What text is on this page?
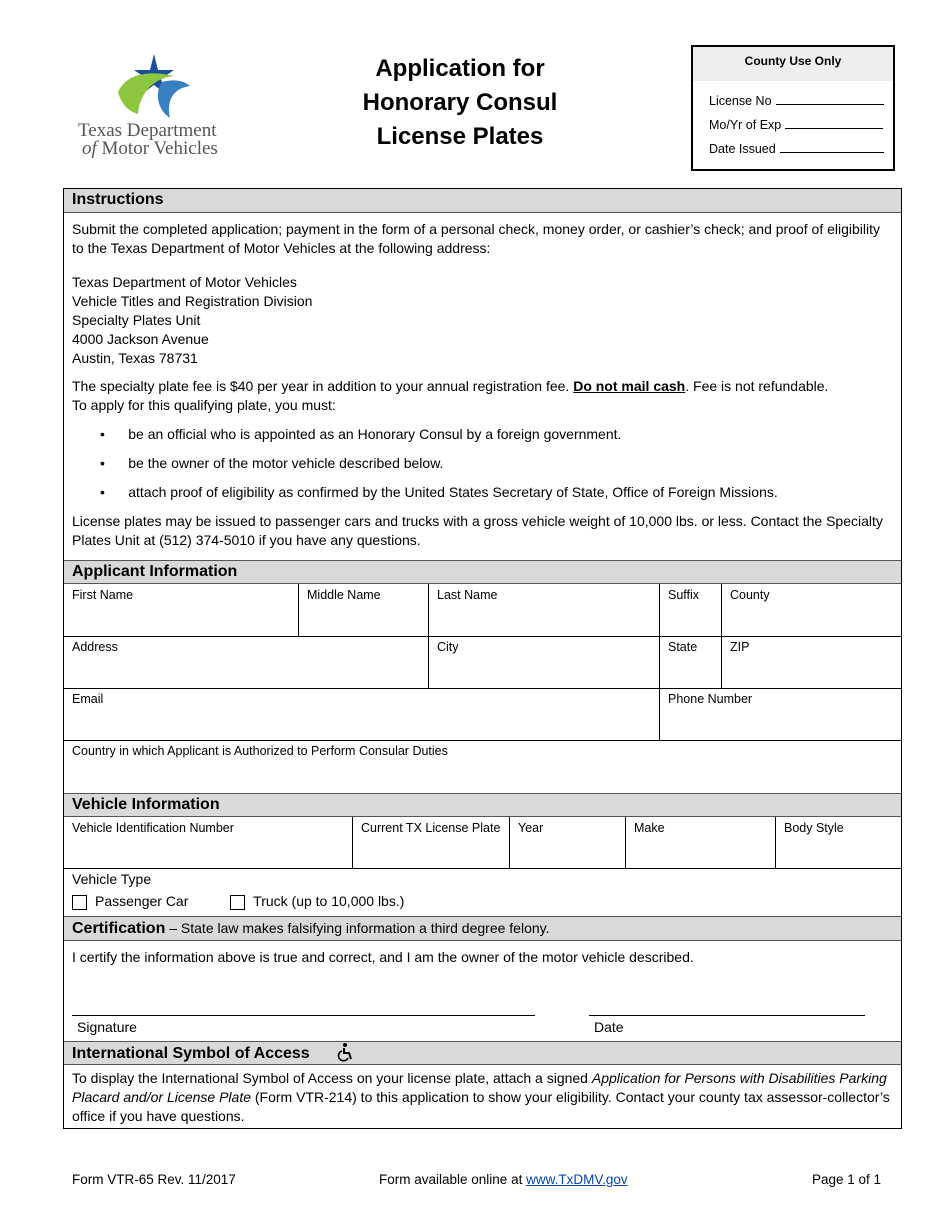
Texas Department
of Motor Vehicles
Application for
Honorary Consul
License Plates
County Use Only
License No
Mo/Yr of Exp
Date Issued
Instructions
Submit the completed application; payment in the form of a personal check, money order, or cashier’s check; and proof of eligibility to the Texas Department of Motor Vehicles at the following address:
Texas Department of Motor Vehicles
Vehicle Titles and Registration Division
Specialty Plates Unit
4000 Jackson Avenue
Austin, Texas 78731
The specialty plate fee is $40 per year in addition to your annual registration fee. Do not mail cash. Fee is not refundable.
To apply for this qualifying plate, you must:
•      be an official who is appointed as an Honorary Consul by a foreign government.
•      be the owner of the motor vehicle described below.
•      attach proof of eligibility as confirmed by the United States Secretary of State, Office of Foreign Missions.
License plates may be issued to passenger cars and trucks with a gross vehicle weight of 10,000 lbs. or less. Contact the Specialty Plates Unit at (512) 374-5010 if you have any questions.
Applicant Information
First Name	Middle Name	Last Name	Suffix	County
Address	City	State	ZIP
Email	Phone Number
Country in which Applicant is Authorized to Perform Consular Duties
Vehicle Information
Vehicle Identification Number	Current TX License Plate	Year	Make	Body Style
Vehicle Type
Passenger Car	Truck (up to 10,000 lbs.)
Certification – State law makes falsifying information a third degree felony.
I certify the information above is true and correct, and I am the owner of the motor vehicle described.
Signature	Date
International Symbol of Access
To display the International Symbol of Access on your license plate, attach a signed Application for Persons with Disabilities Parking Placard and/or License Plate (Form VTR-214) to this application to show your eligibility. Contact your county tax assessor-collector’s office if you have questions.
Form VTR-65 Rev. 11/2017	Form available online at www.TxDMV.gov	Page 1 of 1
